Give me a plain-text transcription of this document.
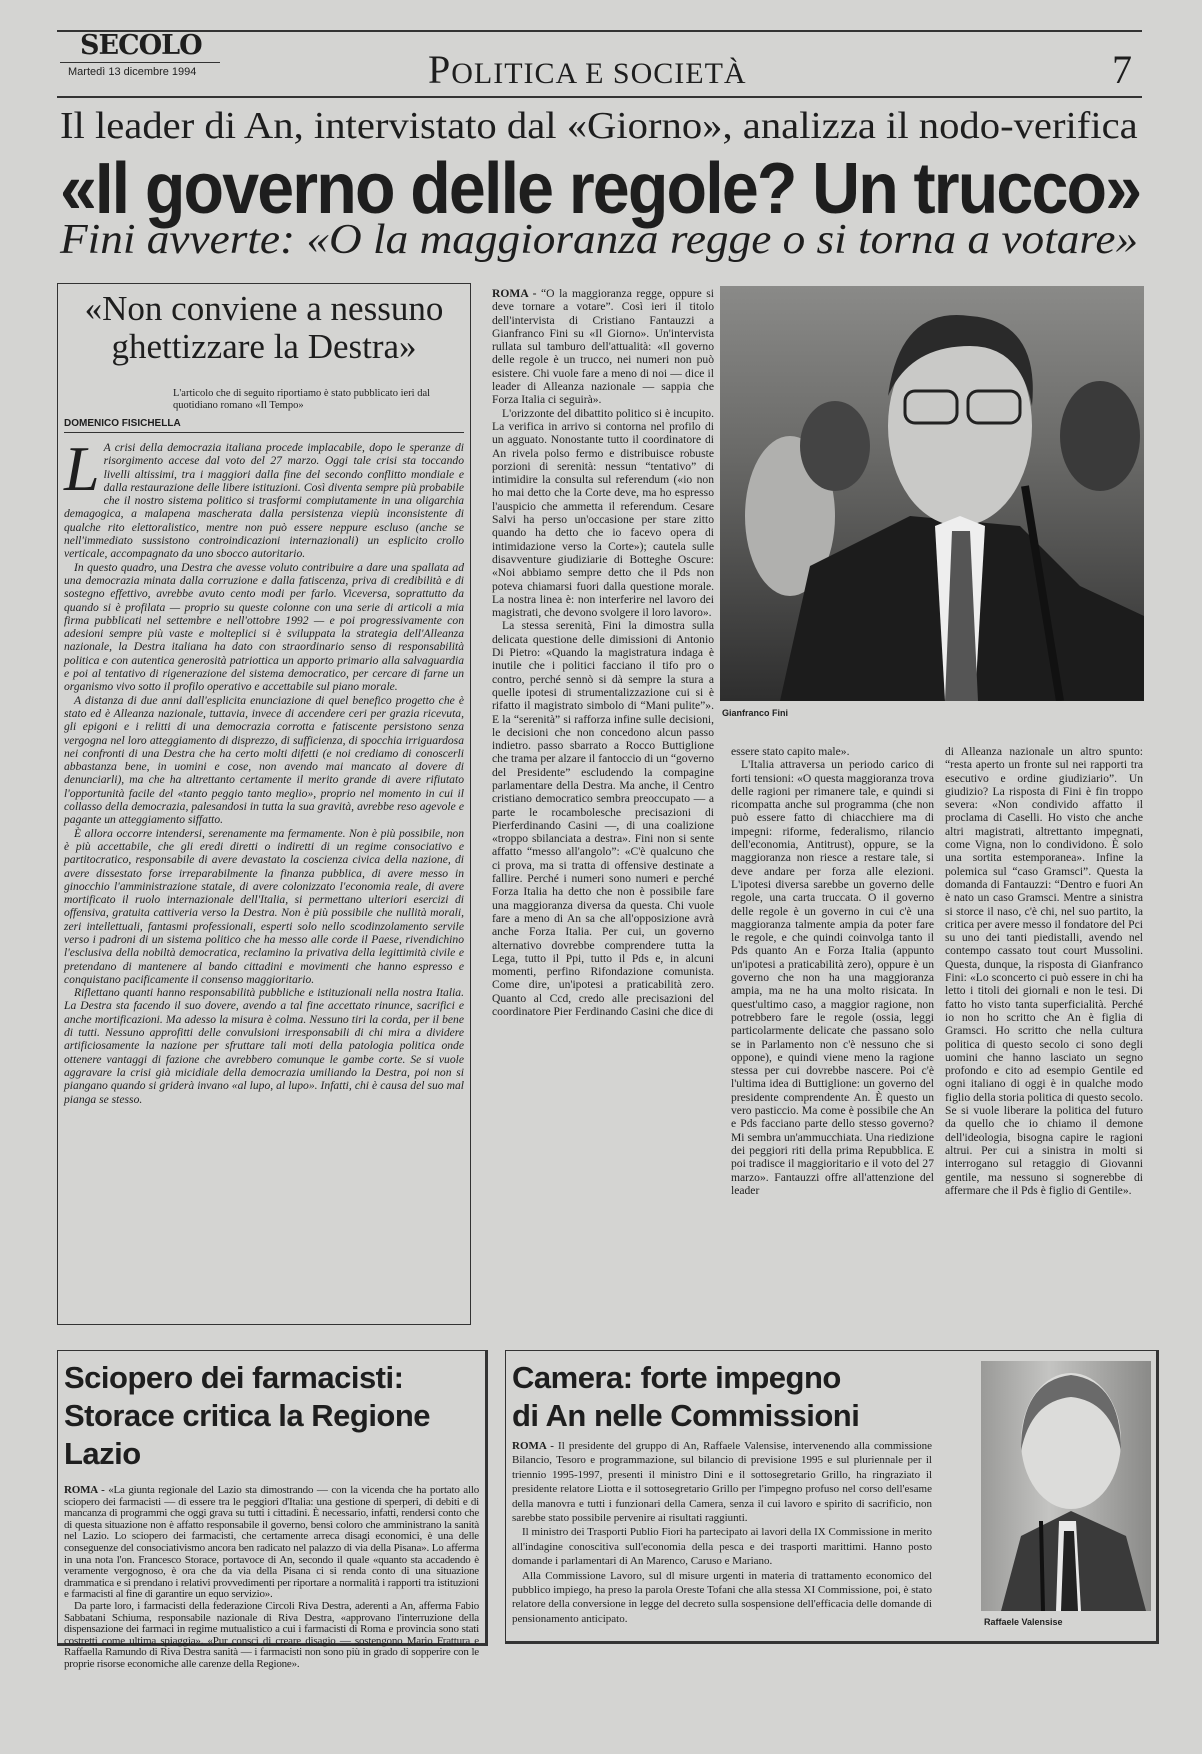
SECOLO
Martedì 13 dicembre 1994	POLITICA E SOCIETÀ	7
Il leader di An, intervistato dal «Giorno», analizza il nodo-verifica
«Il governo delle regole? Un trucco»
Fini avverte: «O la maggioranza regge o si torna a votare»
«Non conviene a nessuno
ghettizzare la Destra»
L'articolo che di seguito riportiamo è stato pubblicato ieri dal quotidiano romano «Il Tempo»
DOMENICO FISICHELLA
L A crisi della democrazia italiana procede implacabile, dopo le speranze di risorgimento accese dal voto del 27 marzo. Oggi tale crisi sta toccando livelli altissimi, tra i maggiori dalla fine del secondo conflitto mondiale e dalla restaurazione delle libere istituzioni. Così diventa sempre più probabile che il nostro sistema politico si trasformi compiutamente in una oligarchia demagogica, a malapena mascherata dalla persistenza viepiù inconsistente di qualche rito elettoralistico, mentre non può essere neppure escluso (anche se nell'immediato sussistono controindicazioni internazionali) un esplicito crollo verticale, accompagnato da uno sbocco autoritario.

In questo quadro, una Destra che avesse voluto contribuire a dare una spallata ad una democrazia minata dalla corruzione e dalla fatiscenza, priva di credibilità e di sostegno effettivo, avrebbe avuto cento modi per farlo. Viceversa, soprattutto da quando si è profilata — proprio su queste colonne con una serie di articoli a mia firma pubblicati nel settembre e nell'ottobre 1992 — e poi progressivamente con adesioni sempre più vaste e molteplici si è sviluppata la strategia dell'Alleanza nazionale, la Destra italiana ha dato con straordinario senso di responsabilità politica e con autentica generosità patriottica un apporto primario alla salvaguardia e poi al tentativo di rigenerazione del sistema democratico, per cercare di farne un organismo vivo sotto il profilo operativo e accettabile sul piano morale.

A distanza di due anni dall'esplicita enunciazione di quel benefico progetto che è stato ed è Alleanza nazionale, tuttavia, invece di accendere ceri per grazia ricevuta, gli epigoni e i relitti di una democrazia corrotta e fatiscente persistono senza vergogna nel loro atteggiamento di disprezzo, di sufficienza, di spocchia irriguardosa nei confronti di una Destra che ha certo molti difetti (e noi crediamo di conoscerli abbastanza bene, in uomini e cose, non avendo mai mancato al dovere di denunciarli), ma che ha altrettanto certamente il merito grande di avere rifiutato l'opportunità facile del «tanto peggio tanto meglio», proprio nel momento in cui il collasso della democrazia, palesandosi in tutta la sua gravità, avrebbe reso agevole e pagante un atteggiamento siffatto.

È allora occorre intendersi, serenamente ma fermamente. Non è più possibile, non è più accettabile, che gli eredi diretti o indiretti di un regime consociativo e partitocratico, responsabile di avere devastato la coscienza civica della nazione, di avere dissestato forse irreparabilmente la finanza pubblica, di avere messo in ginocchio l'amministrazione statale, di avere colonizzato l'economia reale, di avere mortificato il ruolo internazionale dell'Italia, si permettano ulteriori esercizi di offensiva, gratuita cattiveria verso la Destra. Non è più possibile che nullità morali, zeri intellettuali, fantasmi professionali, esperti solo nello scodinzolamento servile verso i padroni di un sistema politico che ha messo alle corde il Paese, rivendichino l'esclusiva della nobiltà democratica, reclamino la privativa della legittimità civile e pretendano di mantenere al bando cittadini e movimenti che hanno espresso e conquistano pacificamente il consenso maggioritario.

Riflettano quanti hanno responsabilità pubbliche e istituzionali nella nostra Italia. La Destra sta facendo il suo dovere, avendo a tal fine accettato rinunce, sacrifici e anche mortificazioni. Ma adesso la misura è colma. Nessuno tiri la corda, per il bene di tutti. Nessuno approfitti delle convulsioni irresponsabili di chi mira a dividere artificiosamente la nazione per sfruttare tali moti della patologia politica onde ottenere vantaggi di fazione che avrebbero comunque le gambe corte. Se si vuole aggravare la crisi già micidiale della democrazia umiliando la Destra, poi non si piangano quando si griderà invano «al lupo, al lupo». Infatti, chi è causa del suo mal pianga se stesso.

ROMA - “O la maggioranza regge, oppure si deve tornare a votare”. Così ieri il titolo dell'intervista di Cristiano Fantauzzi a Gianfranco Fini su «Il Giorno». Un'intervista rullata sul tamburo dell'attualità: «Il governo delle regole è un trucco, nei numeri non può esistere. Chi vuole fare a meno di noi — dice il leader di Alleanza nazionale — sappia che Forza Italia ci seguirà».

L'orizzonte del dibattito politico si è incupito. La verifica in arrivo si contorna nel profilo di un agguato. Nonostante tutto il coordinatore di An rivela polso fermo e distribuisce robuste porzioni di serenità: nessun “tentativo” di intimidire la consulta sul referendum («io non ho mai detto che la Corte deve, ma ho espresso l'auspicio che ammetta il referendum. Cesare Salvi ha perso un'occasione per stare zitto quando ha detto che io facevo opera di intimidazione verso la Corte»); cautela sulle disavventure giudiziarie di Botteghe Oscure: «Noi abbiamo sempre detto che il Pds non poteva chiamarsi fuori dalla questione morale. La nostra linea è: non interferire nel lavoro dei magistrati, che devono svolgere il loro lavoro».

La stessa serenità, Fini la dimostra sulla delicata questione delle dimissioni di Antonio Di Pietro: «Quando la magistratura indaga è inutile che i politici facciano il tifo pro o contro, perché sennò si dà sempre la stura a quelle ipotesi di strumentalizzazione cui si è rifatto il magistrato simbolo di “Mani pulite”». E la “serenità” si rafforza infine sulle decisioni, le decisioni che non concedono alcun passo indietro. passo sbarrato a Rocco Buttiglione che trama per alzare il fantoccio di un “governo del Presidente” escludendo la compagine parlamentare della Destra. Ma anche, il Centro cristiano democratico sembra preoccupato — a parte le rocambolesche precisazioni di Pierferdinando Casini —, di una coalizione «troppo sbilanciata a destra». Fini non si sente affatto “messo all'angolo”: «C'è qualcuno che ci prova, ma si tratta di offensive destinate a fallire. Perché i numeri sono numeri e perché Forza Italia ha detto che non è possibile fare una maggioranza diversa da questa. Chi vuole fare a meno di An sa che all'opposizione avrà anche Forza Italia. Per cui, un governo alternativo dovrebbe comprendere tutta la Lega, tutto il Ppi, tutto il Pds e, in alcuni momenti, perfino Rifondazione comunista. Come dire, un'ipotesi a praticabilità zero. Quanto al Ccd, credo alle precisazioni del coordinatore Pier Ferdinando Casini che dice di

Gianfranco Fini

essere stato capito male».

L'Italia attraversa un periodo carico di forti tensioni: «O questa maggioranza trova delle ragioni per rimanere tale, e quindi si ricompatta anche sul programma (che non può essere fatto di chiacchiere ma di impegni: riforme, federalismo, rilancio dell'economia, Antitrust), oppure, se la maggioranza non riesce a restare tale, si deve andare per forza alle elezioni. L'ipotesi diversa sarebbe un governo delle regole, una carta truccata. O il governo delle regole è un governo in cui c'è una maggioranza talmente ampia da poter fare le regole, e che quindi coinvolga tanto il Pds quanto An e Forza Italia (appunto un'ipotesi a praticabilità zero), oppure è un governo che non ha una maggioranza ampia, ma ne ha una molto risicata. In quest'ultimo caso, a maggior ragione, non potrebbero fare le regole (ossia, leggi particolarmente delicate che passano solo se in Parlamento non c'è nessuno che si oppone), e quindi viene meno la ragione stessa per cui dovrebbe nascere. Poi c'è l'ultima idea di Buttiglione: un governo del presidente comprendente An. È questo un vero pasticcio. Ma come è possibile che An e Pds facciano parte dello stesso governo? Mi sembra un'ammucchiata. Una riedizione dei peggiori riti della prima Repubblica. E poi tradisce il maggioritario e il voto del 27 marzo». Fantauzzi offre all'attenzione del leader

di Alleanza nazionale un altro spunto: “resta aperto un fronte sul nei rapporti tra esecutivo e ordine giudiziario”. Un giudizio? La risposta di Fini è fin troppo severa: «Non condivido affatto il proclama di Caselli. Ho visto che anche altri magistrati, altrettanto impegnati, come Vigna, non lo condividono. È solo una sortita estemporanea». Infine la polemica sul “caso Gramsci”. Questa la domanda di Fantauzzi: “Dentro e fuori An è nato un caso Gramsci. Mentre a sinistra si storce il naso, c'è chi, nel suo partito, la critica per avere messo il fondatore del Pci su uno dei tanti piedistalli, avendo nel contempo cassato tout court Mussolini. Questa, dunque, la risposta di Gianfranco Fini: «Lo sconcerto ci può essere in chi ha letto i titoli dei giornali e non le tesi. Di fatto ho visto tanta superficialità. Perché io non ho scritto che An è figlia di Gramsci. Ho scritto che nella cultura politica di questo secolo ci sono degli uomini che hanno lasciato un segno profondo e cito ad esempio Gentile ed ogni italiano di oggi è in qualche modo figlio della storia politica di questo secolo. Se si vuole liberare la politica del futuro da quello che io chiamo il demone dell'ideologia, bisogna capire le ragioni altrui. Per cui a sinistra in molti si interrogano sul retaggio di Giovanni gentile, ma nessuno si sognerebbe di affermare che il Pds è figlio di Gentile».

Sciopero dei farmacisti:
Storace critica la Regione Lazio

ROMA - «La giunta regionale del Lazio sta dimostrando — con la vicenda che ha portato allo sciopero dei farmacisti — di essere tra le peggiori d'Italia: una gestione di sperperi, di debiti e di mancanza di programmi che oggi grava su tutti i cittadini. È necessario, infatti, rendersi conto che di questa situazione non è affatto responsabile il governo, bensì coloro che amministrano la sanità nel Lazio. Lo sciopero dei farmacisti, che certamente arreca disagi economici, è una delle conseguenze del consociativismo ancora ben radicato nel palazzo di via della Pisana». Lo afferma in una nota l'on. Francesco Storace, portavoce di An, secondo il quale «quanto sta accadendo è veramente vergognoso, è ora che da via della Pisana ci si renda conto di una situazione drammatica e si prendano i relativi provvedimenti per riportare a normalità i rapporti tra istituzioni e farmacisti al fine di garantire un equo servizio».

Da parte loro, i farmacisti della federazione Circoli Riva Destra, aderenti a An, afferma Fabio Sabbatani Schiuma, responsabile nazionale di Riva Destra, «approvano l'interruzione della dispensazione dei farmaci in regime mutualistico a cui i farmacisti di Roma e provincia sono stati costretti come ultima spiaggia». «Pur consci di creare disagio — sostengono Mario Frattura e Raffaella Ramundo di Riva Destra sanità — i farmacisti non sono più in grado di sopperire con le proprie risorse economiche alle carenze della Regione».

Camera: forte impegno
di An nelle Commissioni

ROMA - Il presidente del gruppo di An, Raffaele Valensise, intervenendo alla commissione Bilancio, Tesoro e programmazione, sul bilancio di previsione 1995 e sul pluriennale per il triennio 1995-1997, presenti il ministro Dini e il sottosegretario Grillo, ha ringraziato il presidente relatore Liotta e il sottosegretario Grillo per l'impegno profuso nel corso dell'esame della manovra e tutti i funzionari della Camera, senza il cui lavoro e spirito di sacrificio, non sarebbe stato possibile pervenire ai risultati raggiunti.

Il ministro dei Trasporti Publio Fiori ha partecipato ai lavori della IX Commissione in merito all'indagine conoscitiva sull'economia della pesca e dei trasporti marittimi. Hanno posto domande i parlamentari di An Marenco, Caruso e Mariano.

Alla Commissione Lavoro, sul dl misure urgenti in materia di trattamento economico del pubblico impiego, ha preso la parola Oreste Tofani che alla stessa XI Commissione, poi, è stato relatore della conversione in legge del decreto sulla sospensione dell'efficacia delle domande di pensionamento anticipato.	Raffaele Valensise
